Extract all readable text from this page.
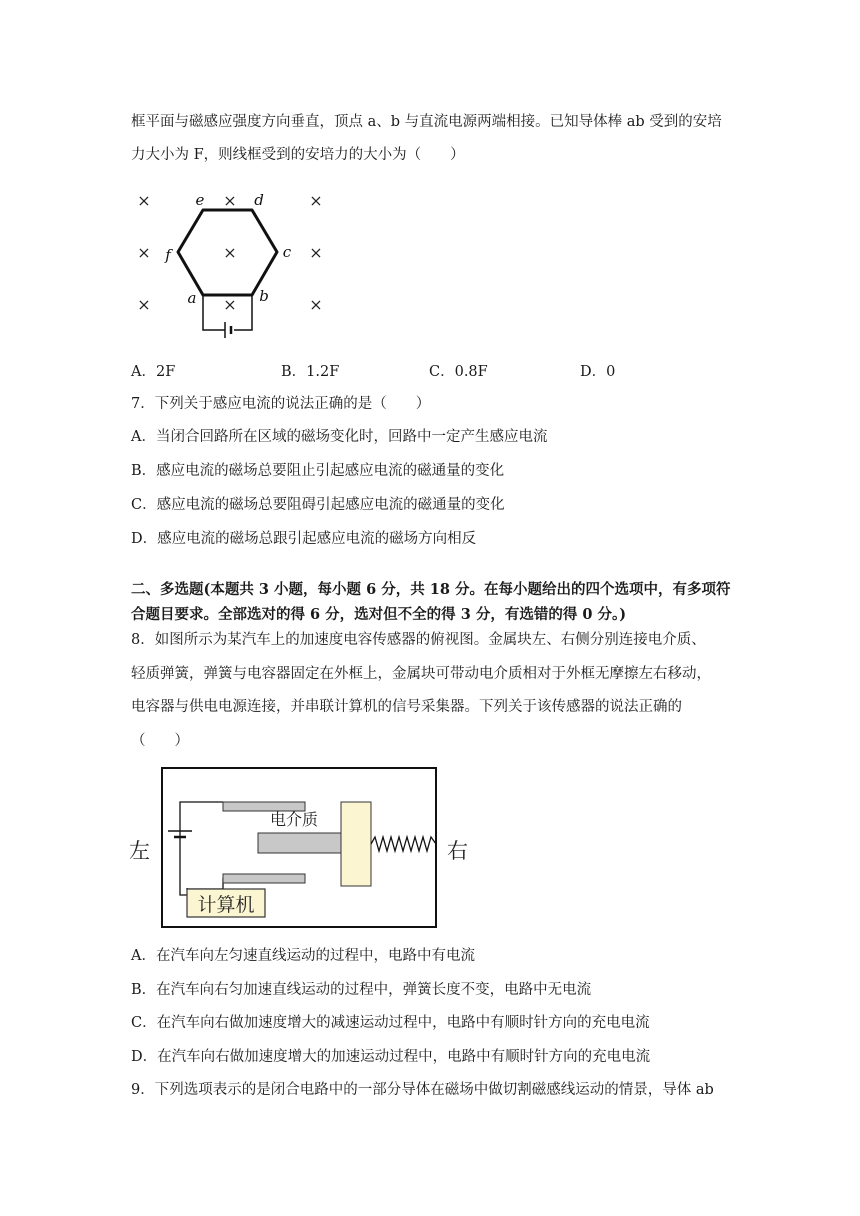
框平面与磁感应强度方向垂直，顶点 a、b 与直流电源两端相接。已知导体棒 ab 受到的安培
力大小为 F，则线框受到的安培力的大小为（　　）
×	×	×
×	×	×
×	×	×
e	d
f	c
a	b
A．2F	B．1.2F	C．0.8F	D．0
7．下列关于感应电流的说法正确的是（　　）
A．当闭合回路所在区域的磁场变化时，回路中一定产生感应电流
B．感应电流的磁场总要阻止引起感应电流的磁通量的变化
C．感应电流的磁场总要阻碍引起感应电流的磁通量的变化
D．感应电流的磁场总跟引起感应电流的磁场方向相反
二、多选题(本题共 3 小题，每小题 6 分，共 18 分。在每小题给出的四个选项中，有多项符
合题目要求。全部选对的得 6 分，选对但不全的得 3 分，有选错的得 0 分。)
8．如图所示为某汽车上的加速度电容传感器的俯视图。金属块左、右侧分别连接电介质、
轻质弹簧，弹簧与电容器固定在外框上，金属块可带动电介质相对于外框无摩擦左右移动，
电容器与供电电源连接，并串联计算机的信号采集器。下列关于该传感器的说法正确的
（　　）
左	右
电介质
计算机
A．在汽车向左匀速直线运动的过程中，电路中有电流
B．在汽车向右匀加速直线运动的过程中，弹簧长度不变，电路中无电流
C．在汽车向右做加速度增大的减速运动过程中，电路中有顺时针方向的充电电流
D．在汽车向右做加速度增大的加速运动过程中，电路中有顺时针方向的充电电流
9．下列选项表示的是闭合电路中的一部分导体在磁场中做切割磁感线运动的情景，导体 ab
